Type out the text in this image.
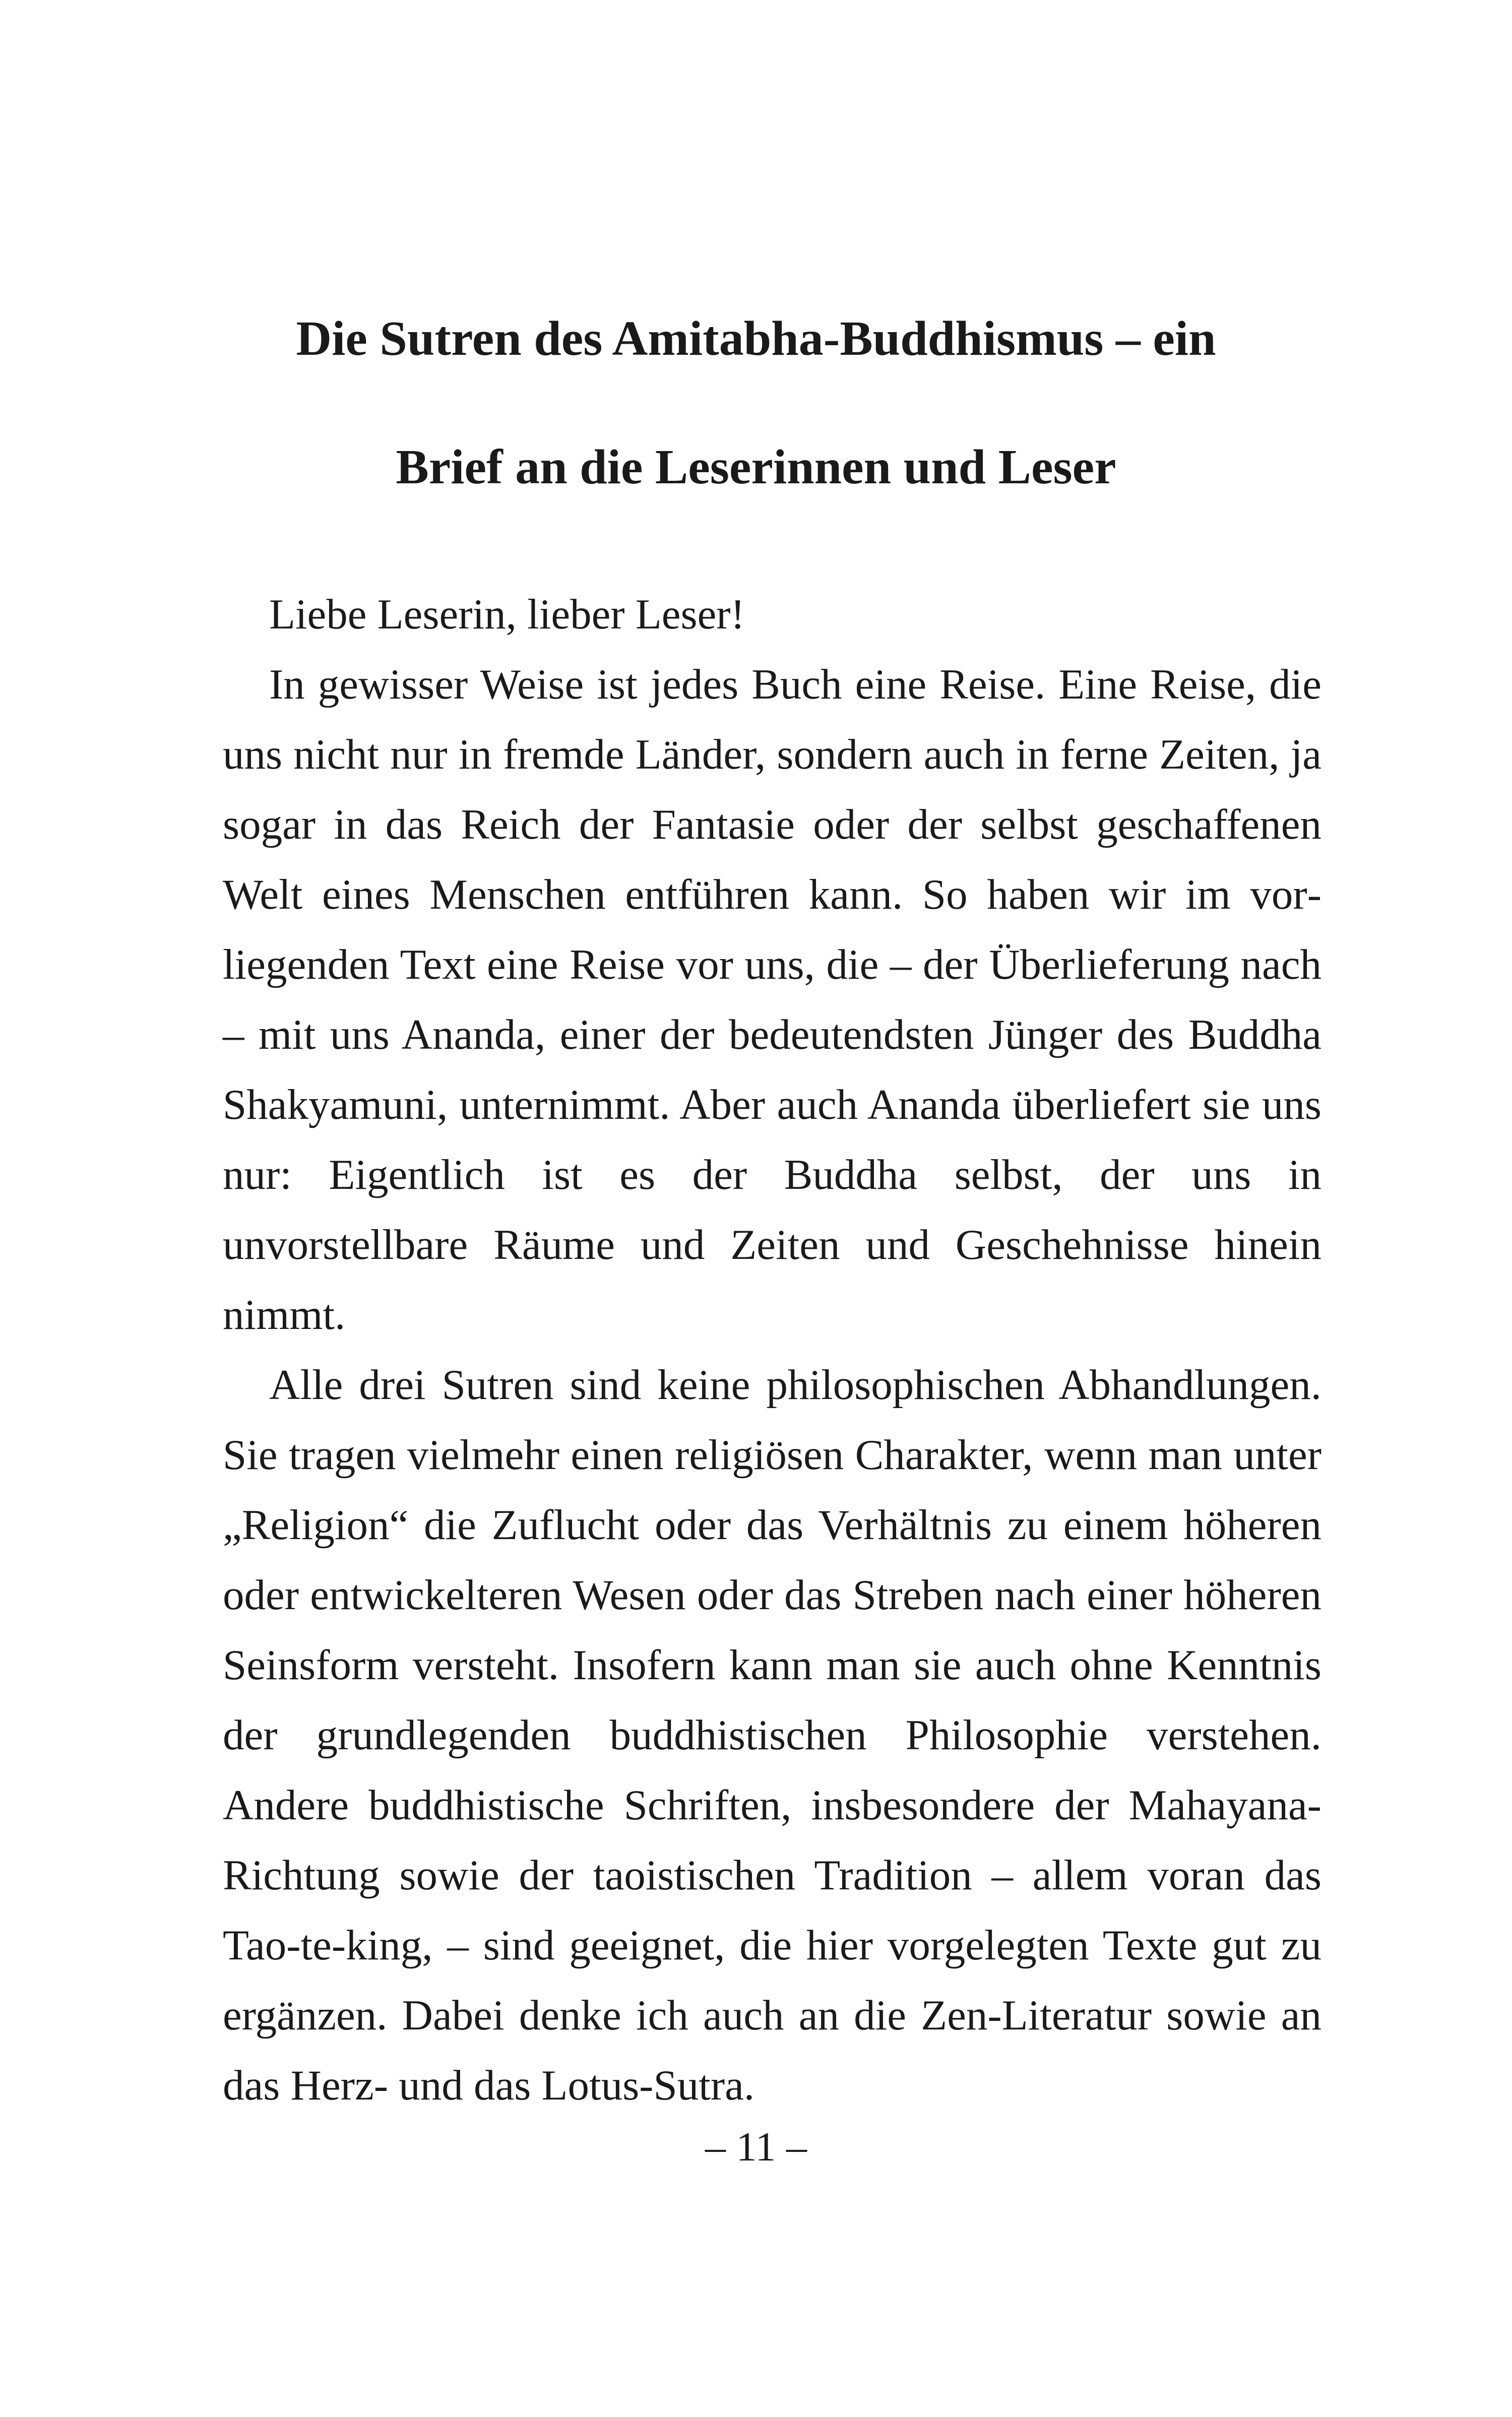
Die Sutren des Amitabha-Buddhismus – ein
Brief an die Leserinnen und Leser

Liebe Leserin, lieber Leser!

In gewisser Weise ist jedes Buch eine Reise. Eine Reise, die uns nicht nur in fremde Länder, sondern auch in ferne Zeiten, ja sogar in das Reich der Fantasie oder der selbst geschaffenen Welt eines Menschen entführen kann. So haben wir im vorliegenden Text eine Reise vor uns, die – der Überlieferung nach – mit uns Ananda, einer der bedeutendsten Jünger des Buddha Shakyamuni, unternimmt. Aber auch Ananda überliefert sie uns nur: Eigentlich ist es der Buddha selbst, der uns in unvorstellbare Räume und Zeiten und Geschehnisse hinein nimmt.

Alle drei Sutren sind keine philosophischen Abhandlungen. Sie tragen vielmehr einen religiösen Charakter, wenn man unter „Religion“ die Zuflucht oder das Verhältnis zu einem höheren oder entwickelteren Wesen oder das Streben nach einer höheren Seinsform versteht. Insofern kann man sie auch ohne Kenntnis der grundlegenden buddhistischen Philosophie verstehen. Andere buddhistische Schriften, insbesondere der Mahayana-Richtung sowie der taoistischen Tradition – allem voran das Tao-te-king, – sind geeignet, die hier vorgelegten Texte gut zu ergänzen. Dabei denke ich auch an die Zen-Literatur sowie an das Herz- und das Lotus-Sutra.

– 11 –
